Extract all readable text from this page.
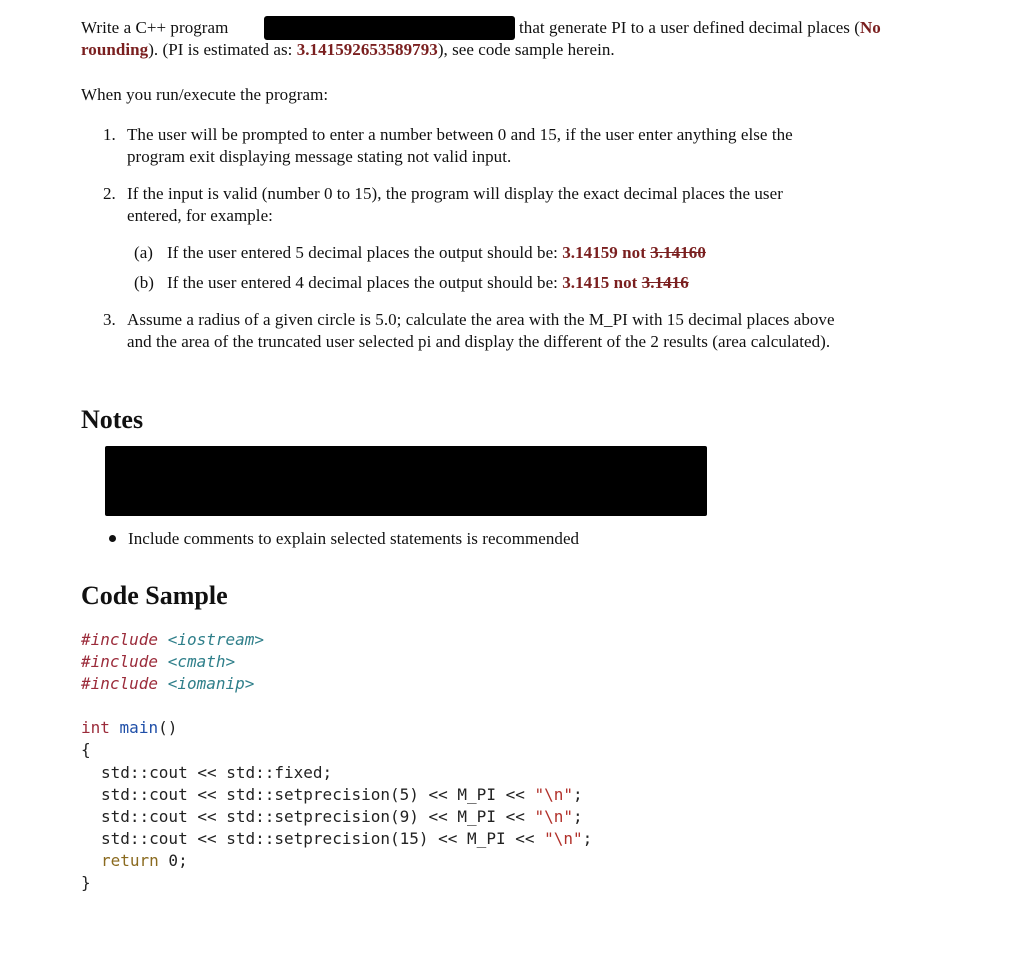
Write a C++ program	that generate PI to a user defined decimal places (No
rounding). (PI is estimated as: 3.141592653589793), see code sample herein.
When you run/execute the program:
1. The user will be prompted to enter a number between 0 and 15, if the user enter anything else the
program exit displaying message stating not valid input.
2. If the input is valid (number 0 to 15), the program will display the exact decimal places the user
entered, for example:
(a) If the user entered 5 decimal places the output should be: 3.14159 not 3.14160
(b) If the user entered 4 decimal places the output should be: 3.1415 not 3.1416
3. Assume a radius of a given circle is 5.0; calculate the area with the M_PI with 15 decimal places above
and the area of the truncated user selected pi and display the different of the 2 results (area calculated).
Notes
Include comments to explain selected statements is recommended
Code Sample
#include <iostream>
#include <cmath>
#include <iomanip>
int main()
{
std::cout << std::fixed;
std::cout << std::setprecision(5) << M_PI << "\n";
std::cout << std::setprecision(9) << M_PI << "\n";
std::cout << std::setprecision(15) << M_PI << "\n";
return 0;
}
